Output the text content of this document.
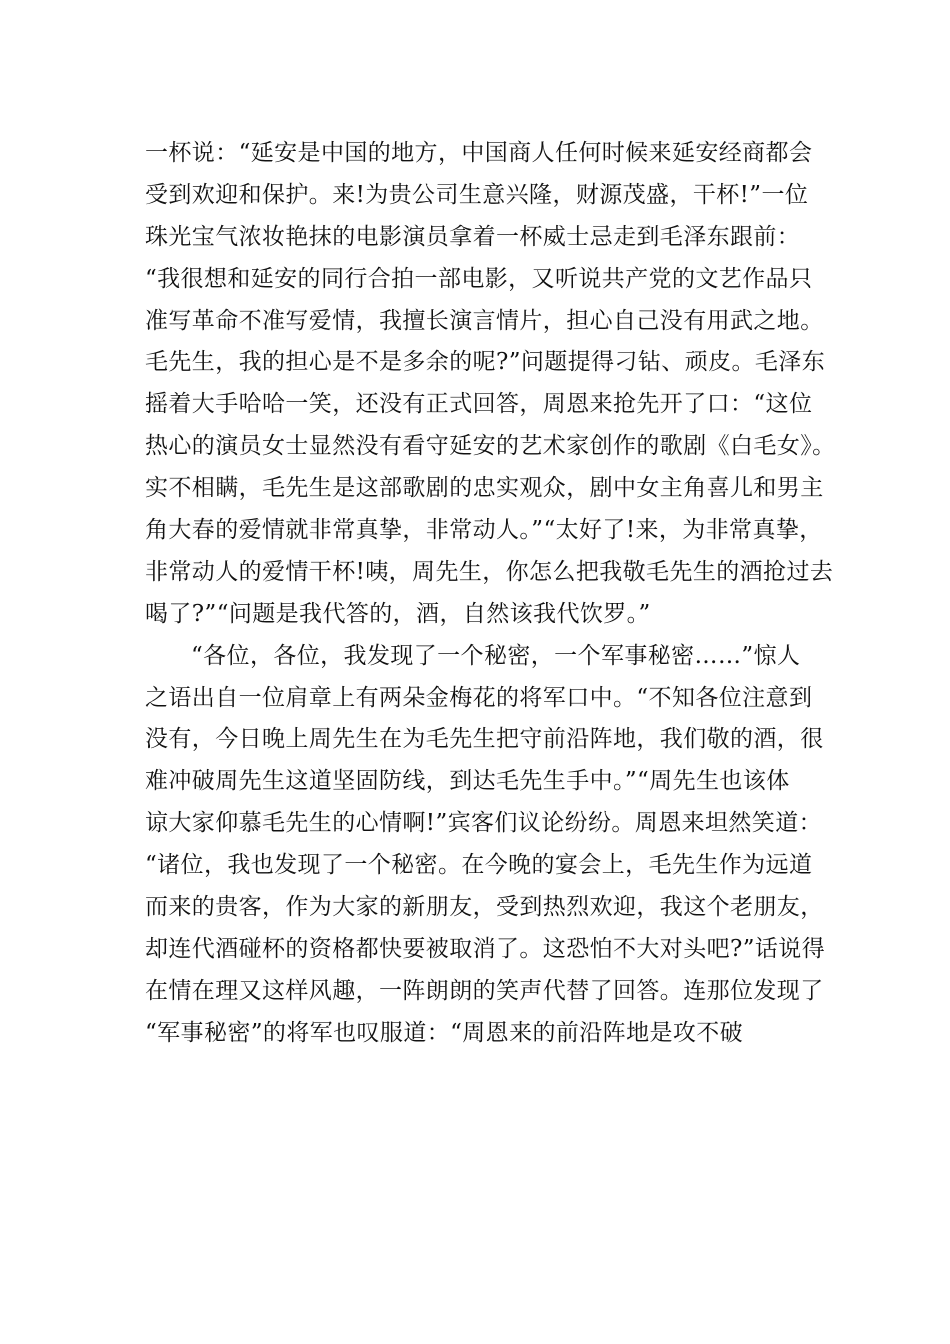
一杯说：“延安是中国的地方，中国商人任何时候来延安经商都会
受到欢迎和保护。来!为贵公司生意兴隆，财源茂盛，干杯!”一位
珠光宝气浓妆艳抹的电影演员拿着一杯威士忌走到毛泽东跟前：
“我很想和延安的同行合拍一部电影，又听说共产党的文艺作品只
准写革命不准写爱情，我擅长演言情片，担心自己没有用武之地。
毛先生，我的担心是不是多余的呢?”问题提得刁钻、顽皮。毛泽东
摇着大手哈哈一笑，还没有正式回答，周恩来抢先开了口：“这位
热心的演员女士显然没有看守延安的艺术家创作的歌剧《白毛女》。
实不相瞒，毛先生是这部歌剧的忠实观众，剧中女主角喜儿和男主
角大春的爱情就非常真挚，非常动人。”“太好了!来，为非常真挚，
非常动人的爱情干杯!咦，周先生，你怎么把我敬毛先生的酒抢过去
喝了?”“问题是我代答的，酒，自然该我代饮罗。”
“各位，各位，我发现了一个秘密，一个军事秘密……”惊人
之语出自一位肩章上有两朵金梅花的将军口中。“不知各位注意到
没有，今日晚上周先生在为毛先生把守前沿阵地，我们敬的酒，很
难冲破周先生这道坚固防线，到达毛先生手中。”“周先生也该体
谅大家仰慕毛先生的心情啊!”宾客们议论纷纷。周恩来坦然笑道：
“诸位，我也发现了一个秘密。在今晚的宴会上，毛先生作为远道
而来的贵客，作为大家的新朋友，受到热烈欢迎，我这个老朋友，
却连代酒碰杯的资格都快要被取消了。这恐怕不大对头吧?”话说得
在情在理又这样风趣，一阵朗朗的笑声代替了回答。连那位发现了
“军事秘密”的将军也叹服道：“周恩来的前沿阵地是攻不破
